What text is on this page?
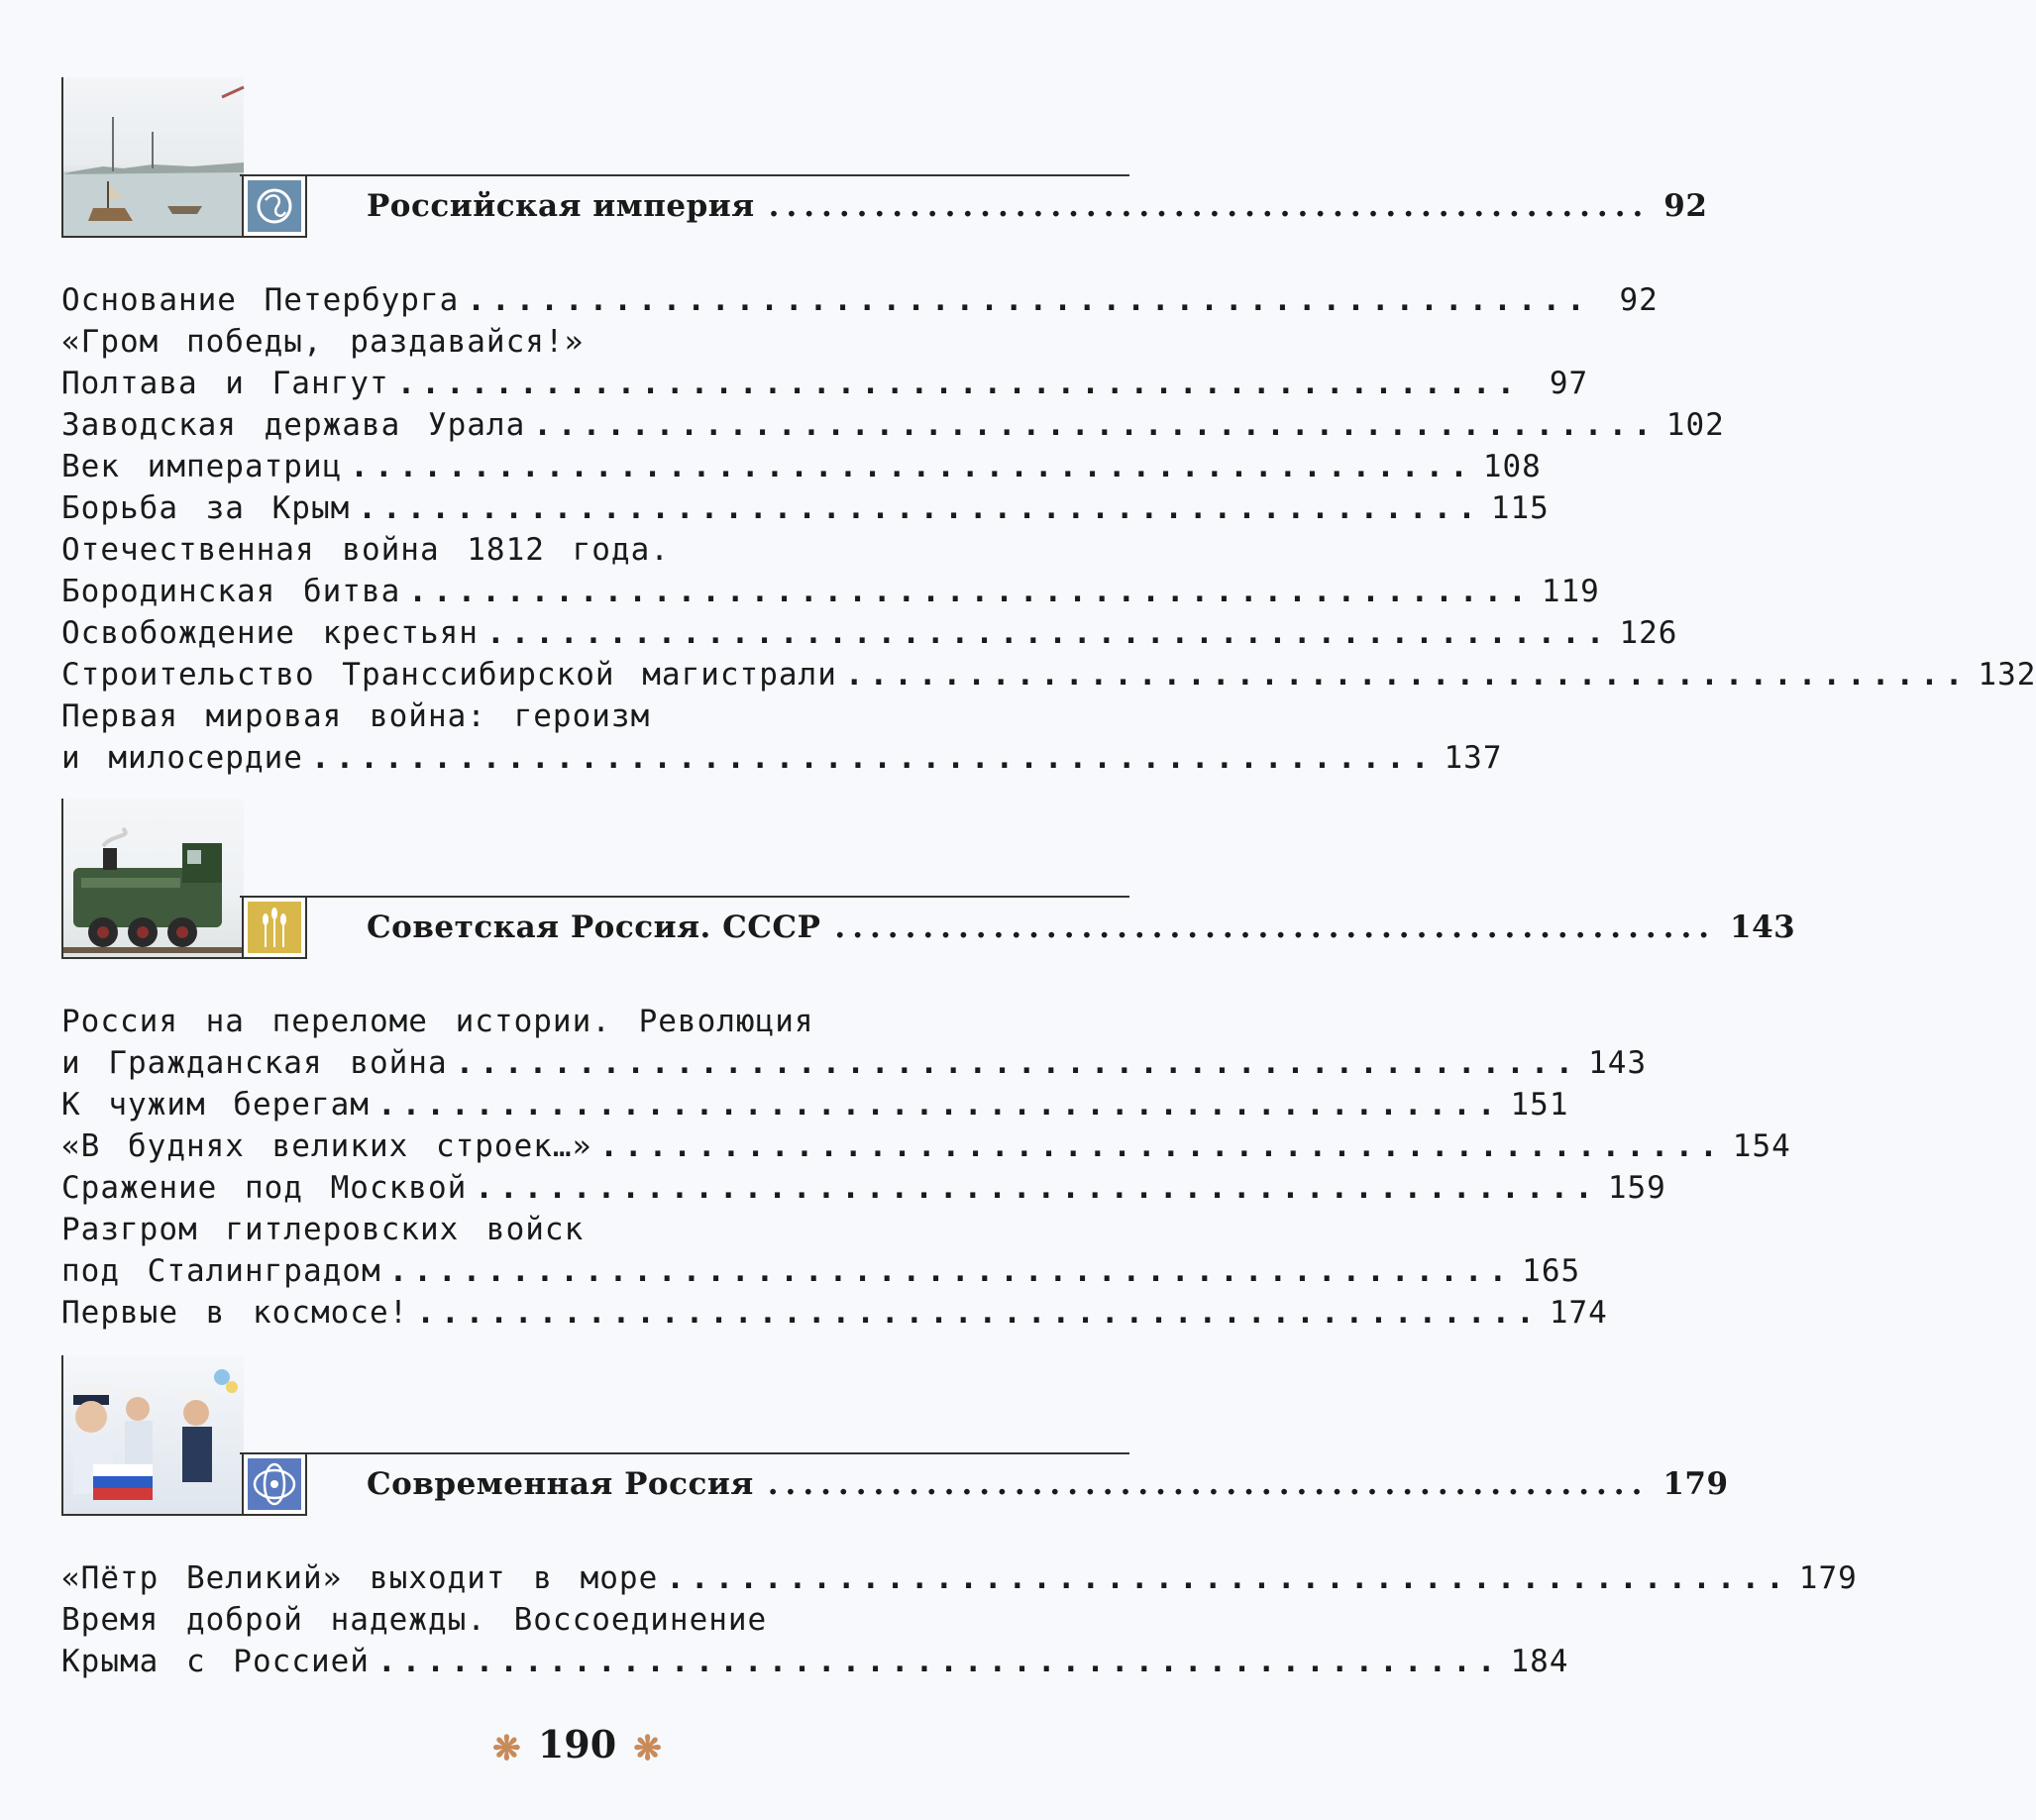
Российская империя .................................................. 92
Основание Петербурга .............................................. 92
«Гром победы, раздавайся!»
Полтава и Гангут .............................................. 97
Заводская держава Урала .............................................. 102
Век императриц .............................................. 108
Борьба за Крым .............................................. 115
Отечественная война 1812 года.
Бородинская битва .............................................. 119
Освобождение крестьян .............................................. 126
Строительство Транссибирской магистрали .............................................. 132
Первая мировая война: героизм
и милосердие .............................................. 137
Советская Россия. СССР .................................................. 143
Россия на переломе истории. Революция
и Гражданская война .............................................. 143
К чужим берегам .............................................. 151
«В буднях великих строек…» .............................................. 154
Сражение под Москвой .............................................. 159
Разгром гитлеровских войск
под Сталинградом .............................................. 165
Первые в космосе! .............................................. 174
Современная Россия .................................................. 179
«Пётр Великий» выходит в море .............................................. 179
Время доброй надежды. Воссоединение
Крыма с Россией .............................................. 184
❋ 190 ❋
